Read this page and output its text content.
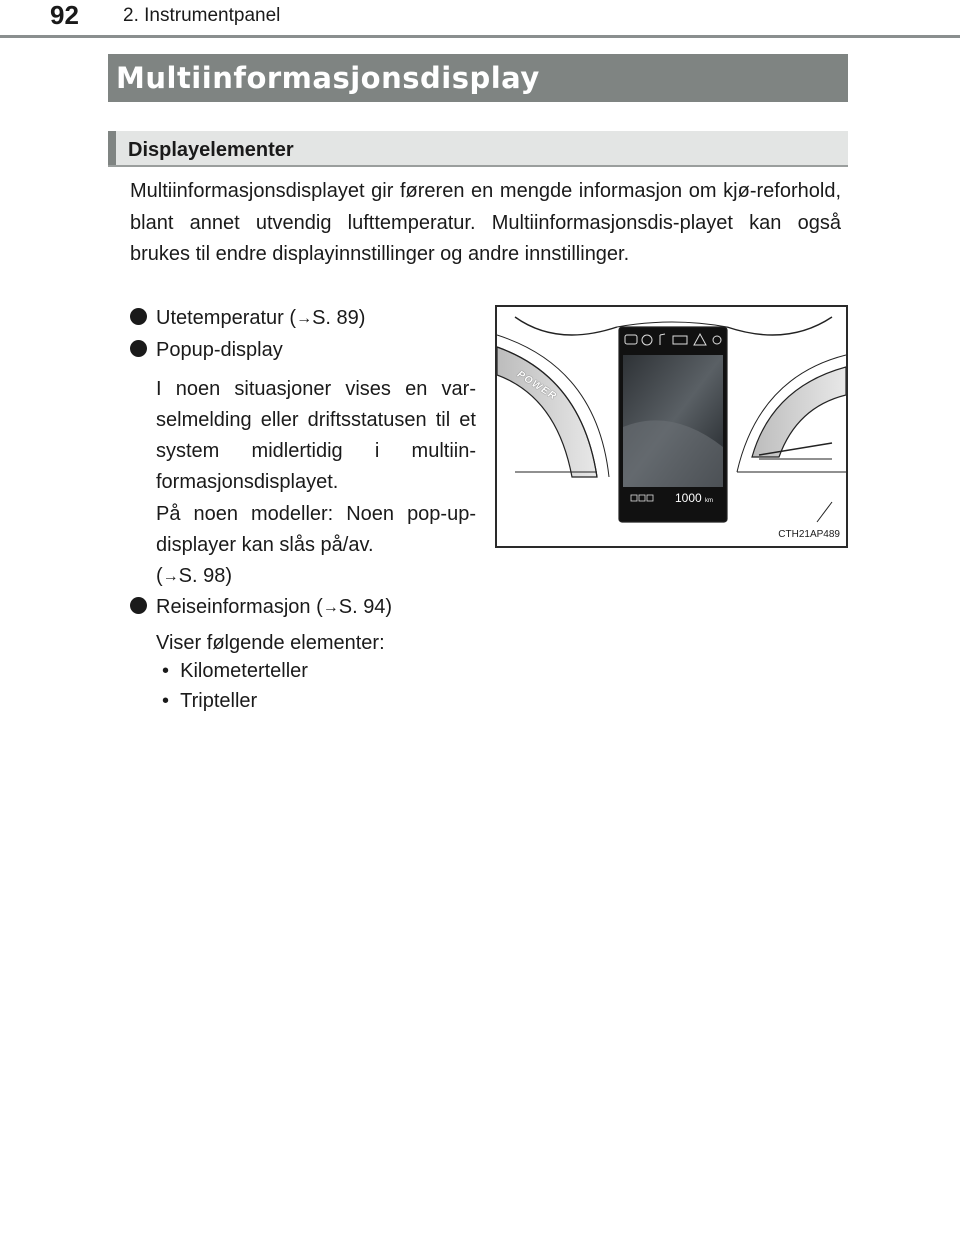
92 2. Instrumentpanel
Multiinformasjonsdisplay
Displayelementer

Multiinformasjonsdisplayet gir føreren en mengde informasjon om kjø-reforhold, blant annet utvendig lufttemperatur. Multiinformasjonsdis-playet kan også brukes til endre displayinnstillinger og andre innstillinger.

Utetemperatur (→S. 89)
Popup-display

I noen situasjoner vises en var-selmelding eller driftsstatusen til et system midlertidig i multiin-formasjonsdisplayet.

På noen modeller: Noen pop-up-displayer kan slås på/av.

(→S. 98)
Reiseinformasjon (→S. 94)
Viser følgende elementer:
• Kilometerteller
• Tripteller
POWER
1000 km
CTH21AP489
